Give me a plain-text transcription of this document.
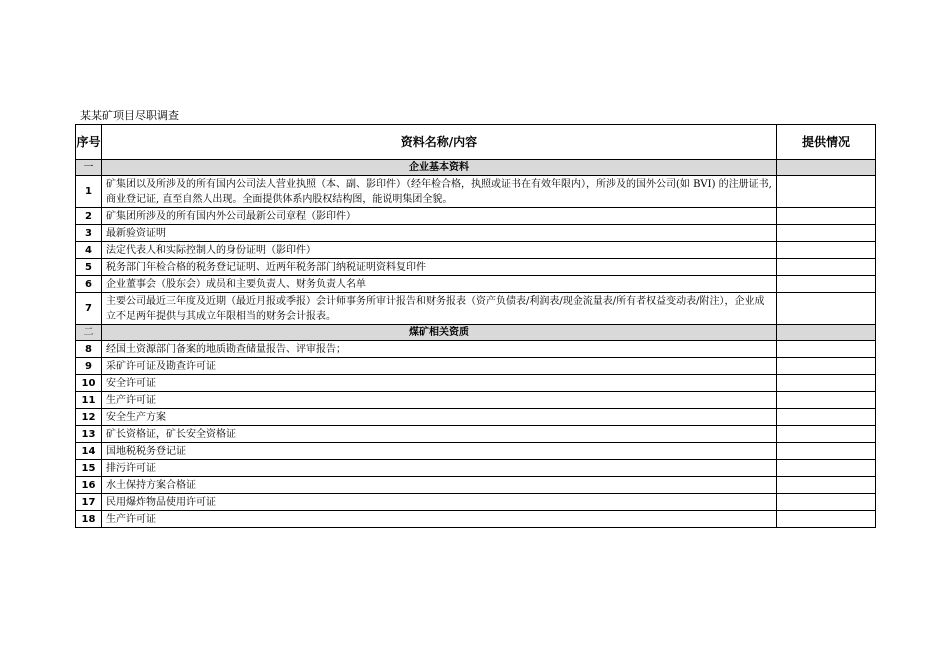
某某矿项目尽职调查
序号	资料名称/内容	提供情况
一	企业基本资料	
1	矿集团以及所涉及的所有国内公司法人营业执照（本、副、影印件）（经年检合格，执照或证书在有效年限内），所涉及的国外公司(如 BVI) 的注册证书, 商业登记证, 直至自然人出现。全面提供体系内股权结构图，能说明集团全貌。	
2	矿集团所涉及的所有国内外公司最新公司章程（影印件）	
3	最新验资证明	
4	法定代表人和实际控制人的身份证明（影印件）	
5	税务部门年检合格的税务登记证明、近两年税务部门纳税证明资料复印件	
6	企业董事会（股东会）成员和主要负责人、财务负责人名单	
7	主要公司最近三年度及近期（最近月报或季报）会计师事务所审计报告和财务报表（资产负债表/利润表/现金流量表/所有者权益变动表/附注），企业成立不足两年提供与其成立年限相当的财务会计报表。	
二	煤矿相关资质	
8	经国土资源部门备案的地质勘查储量报告、评审报告；	
9	采矿许可证及勘查许可证	
10	安全许可证	
11	生产许可证	
12	安全生产方案	
13	矿长资格证，矿长安全资格证	
14	国地税税务登记证	
15	排污许可证	
16	水土保持方案合格证	
17	民用爆炸物品使用许可证	
18	生产许可证	
